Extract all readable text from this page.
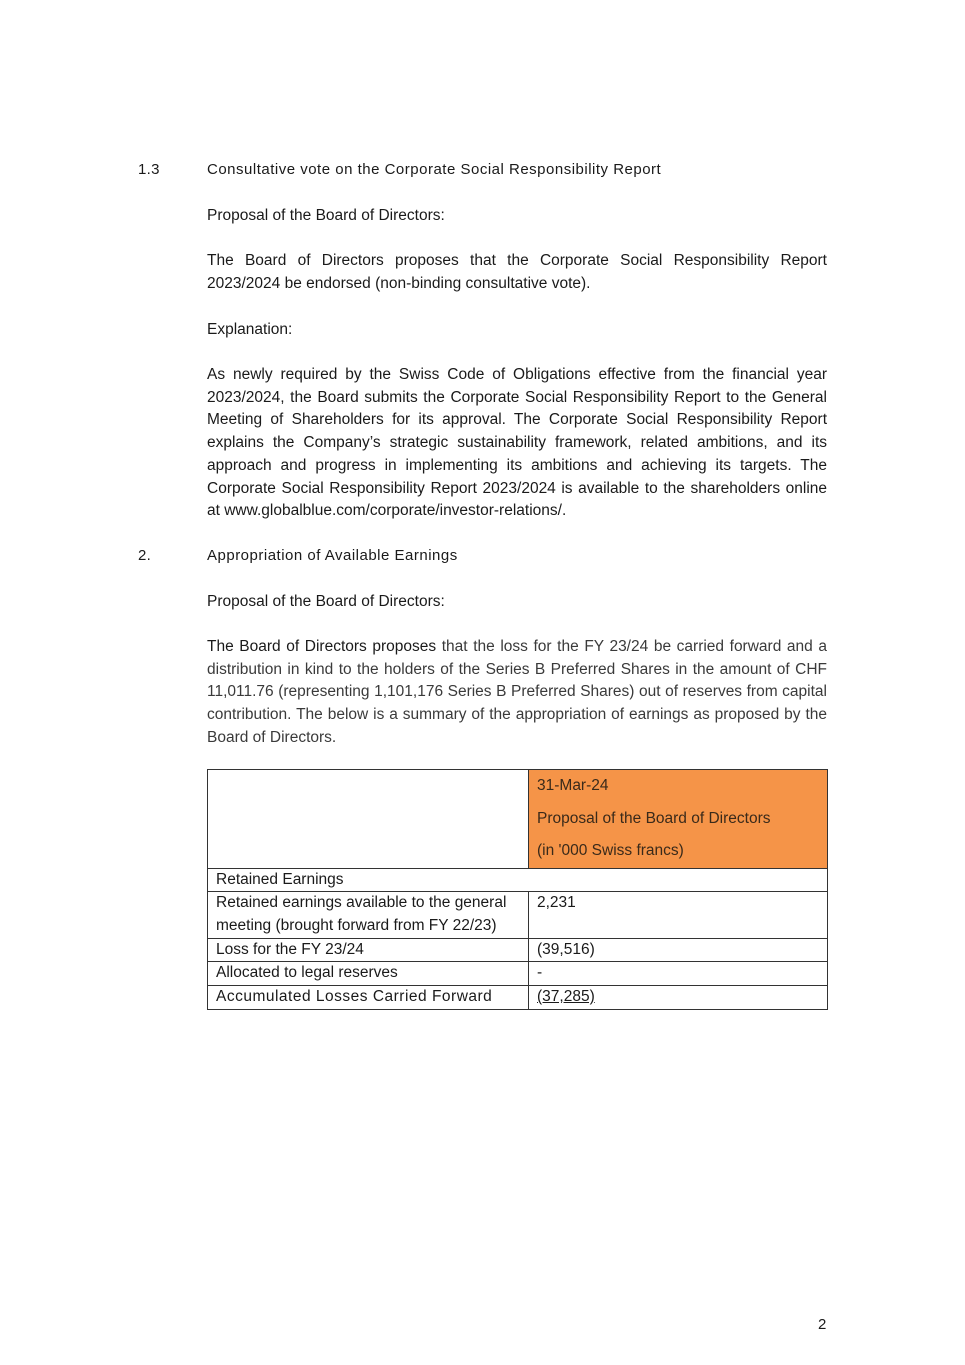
1.3	Consultative vote on the Corporate Social Responsibility Report
Proposal of the Board of Directors:
The Board of Directors proposes that the Corporate Social Responsibility Report 2023/2024 be endorsed (non-binding consultative vote).
Explanation:
As newly required by the Swiss Code of Obligations effective from the financial year 2023/2024, the Board submits the Corporate Social Responsibility Report to the General Meeting of Shareholders for its approval. The Corporate Social Responsibility Report explains the Company’s strategic sustainability framework, related ambitions, and its approach and progress in implementing its ambitions and achieving its targets. The Corporate Social Responsibility Report 2023/2024 is available to the shareholders online at www.globalblue.com/corporate/investor-relations/.
2.	Appropriation of Available Earnings
Proposal of the Board of Directors:
The Board of Directors proposes that the loss for the FY 23/24 be carried forward and a distribution in kind to the holders of the Series B Preferred Shares in the amount of CHF 11,011.76 (representing 1,101,176 Series B Preferred Shares) out of reserves from capital contribution. The below is a summary of the appropriation of earnings as proposed by the Board of Directors.

	31-Mar-24
Proposal of the Board of Directors
(in '000 Swiss francs)

Retained Earnings	
Retained earnings available to the general meeting (brought forward from FY 22/23)	2,231
Loss for the FY 23/24	(39,516)
Allocated to legal reserves	-
Accumulated Losses Carried Forward	(37,285)
2
